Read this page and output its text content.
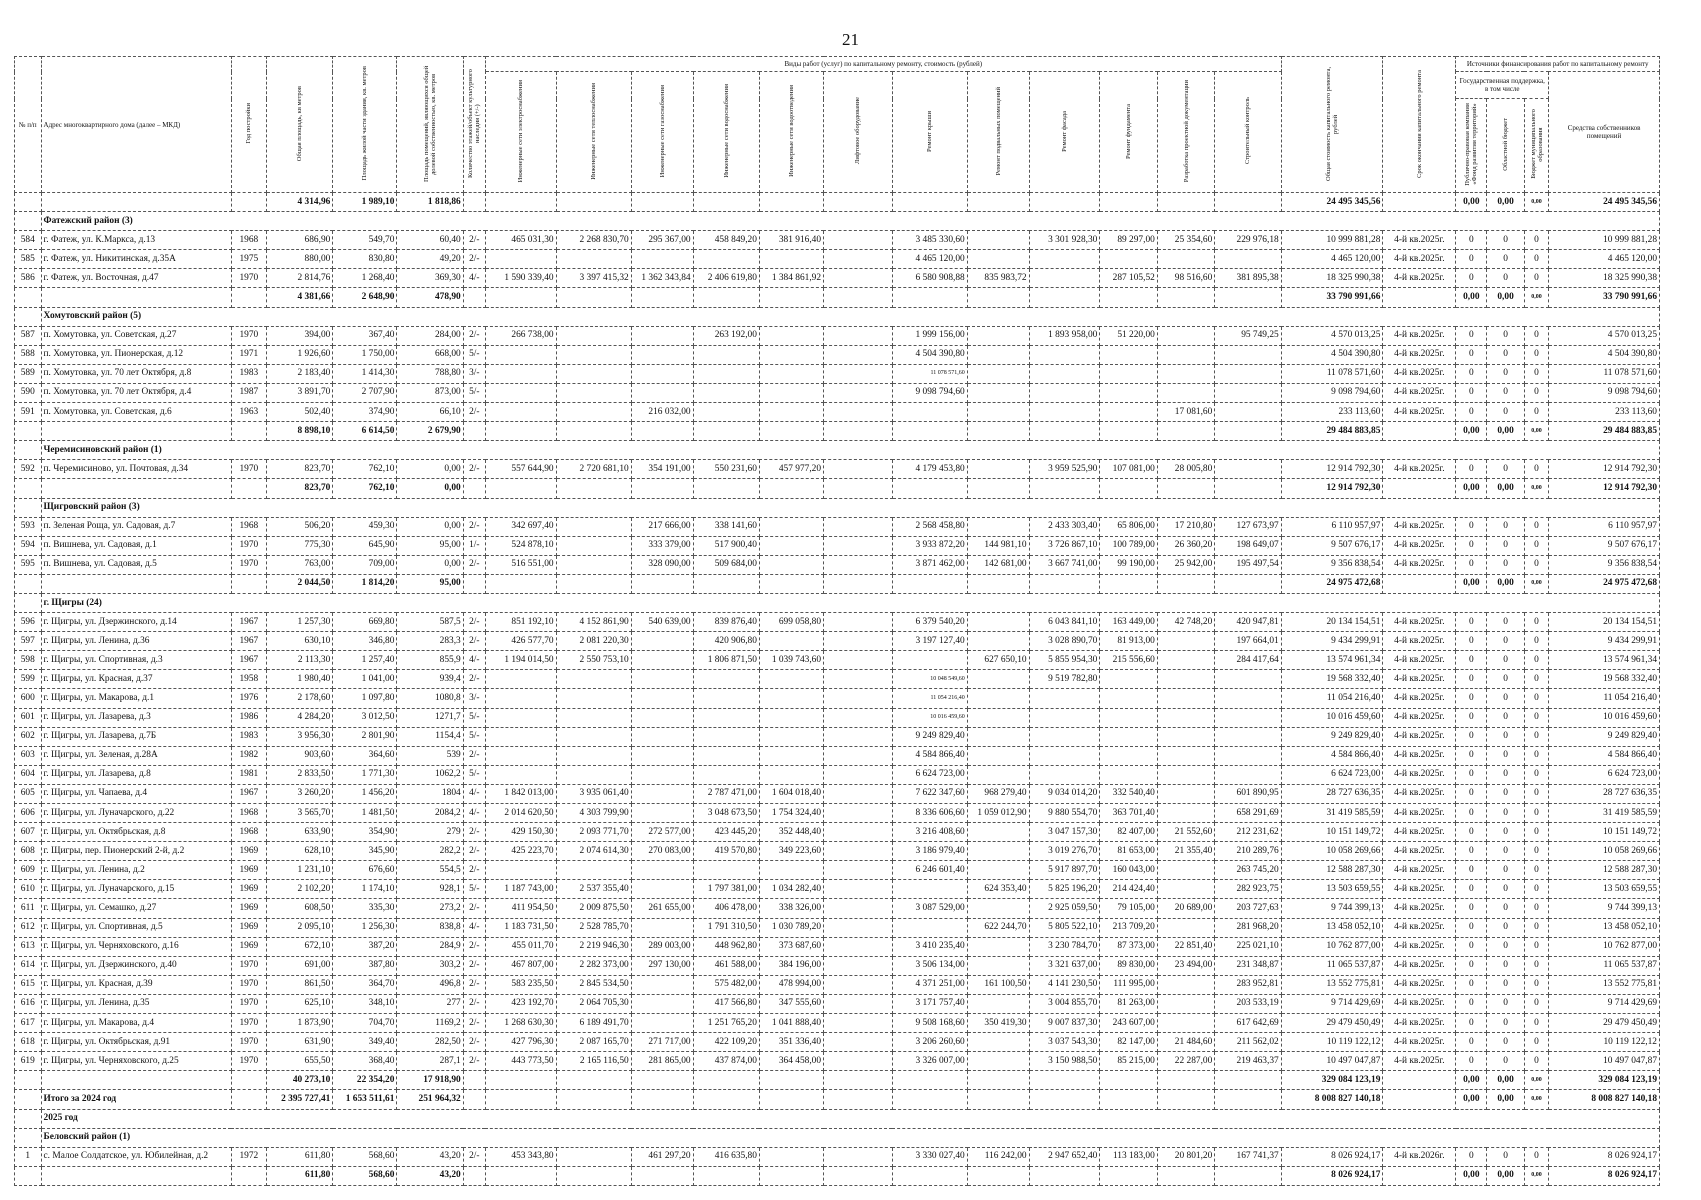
21
№ п/п	Адрес многоквартирного дома (далее – МКД)	Год постройки	Общая площадь, кв метров	Площадь жилой части здания, кв. метров	Площадь помещений, являющихся общей долевой собственностью, кв. метров	Количество этажей/объект культурного наследия (+/-)	Виды работ (услуг) по капитальному ремонту, стоимость (рублей)												Общая стоимость капитального ремонта, рублей	Срок окончания капитального ремонта	Источники финансирования работ по капитальному ремонту			
							Инженерные сети электроснабжения	Инженерные сети теплоснабжения	Инженерные сети газоснабжения	Инженерные сети водоснабжения	Инженерные сети водоотведения	Лифтовое оборудование	Ремонт крыши	Ремонт подвальных помещений	Ремонт фасада	Ремонт фундамента	Разработка проектной документации	Строительный контроль			Государственная поддержка, в том числе			Средства собственников помещений
																					Публично-правовая компания «Фонд развития территорий»	Областной бюджет	Бюджет муниципального образования	
			4 314,96	1 989,10	1 818,86														24 495 345,56		0,00	0,00	0,00	24 495 345,56
	Фатежский район (3)																							
584	г. Фатеж, ул. К.Маркса, д.13	1968	686,90	549,70	60,40	2/-	465 031,30	2 268 830,70	295 367,00	458 849,20	381 916,40		3 485 330,60		3 301 928,30	89 297,00	25 354,60	229 976,18	10 999 881,28	4-й кв.2025г.	0	0	0	10 999 881,28
585	г. Фатеж, ул. Никитинская, д.35А	1975	880,00	830,80	49,20	2/-							4 465 120,00						4 465 120,00	4-й кв.2025г.	0	0	0	4 465 120,00
586	г. Фатеж, ул. Восточная, д.47	1970	2 814,76	1 268,40	369,30	4/-	1 590 339,40	3 397 415,32	1 362 343,84	2 406 619,80	1 384 861,92		6 580 908,88	835 983,72		287 105,52	98 516,60	381 895,38	18 325 990,38	4-й кв.2025г.	0	0	0	18 325 990,38
			4 381,66	2 648,90	478,90														33 790 991,66		0,00	0,00	0,00	33 790 991,66
	Хомутовский район (5)																							
587	п. Хомутовка, ул. Советская, д.27	1970	394,00	367,40	284,00	2/-	266 738,00			263 192,00			1 999 156,00		1 893 958,00	51 220,00		95 749,25	4 570 013,25	4-й кв.2025г.	0	0	0	4 570 013,25
588	п. Хомутовка, ул. Пионерская, д.12	1971	1 926,60	1 750,00	668,00	5/-							4 504 390,80						4 504 390,80	4-й кв.2025г.	0	0	0	4 504 390,80
589	п. Хомутовка, ул. 70 лет Октября, д.8	1983	2 183,40	1 414,30	788,80	3/-							11 078 571,60						11 078 571,60	4-й кв.2025г.	0	0	0	11 078 571,60
590	п. Хомутовка, ул. 70 лет Октября, д.4	1987	3 891,70	2 707,90	873,00	5/-							9 098 794,60						9 098 794,60	4-й кв.2025г.	0	0	0	9 098 794,60
591	п. Хомутовка, ул. Советская, д.6	1963	502,40	374,90	66,10	2/-			216 032,00								17 081,60		233 113,60	4-й кв.2025г.	0	0	0	233 113,60
			8 898,10	6 614,50	2 679,90														29 484 883,85		0,00	0,00	0,00	29 484 883,85
	Черемисиновский район (1)																							
592	п. Черемисиново, ул. Почтовая, д.34	1970	823,70	762,10	0,00	2/-	557 644,90	2 720 681,10	354 191,00	550 231,60	457 977,20		4 179 453,80		3 959 525,90	107 081,00	28 005,80		12 914 792,30	4-й кв.2025г.	0	0	0	12 914 792,30
			823,70	762,10	0,00														12 914 792,30		0,00	0,00	0,00	12 914 792,30
	Щигровский район (3)																							
593	п. Зеленая Роща, ул. Садовая, д.7	1968	506,20	459,30	0,00	2/-	342 697,40		217 666,00	338 141,60			2 568 458,80		2 433 303,40	65 806,00	17 210,80	127 673,97	6 110 957,97	4-й кв.2025г.	0	0	0	6 110 957,97
594	п. Вишнева, ул. Садовая, д.1	1970	775,30	645,90	95,00	1/-	524 878,10		333 379,00	517 900,40			3 933 872,20	144 981,10	3 726 867,10	100 789,00	26 360,20	198 649,07	9 507 676,17	4-й кв.2025г.	0	0	0	9 507 676,17
595	п. Вишнева, ул. Садовая, д.5	1970	763,00	709,00	0,00	2/-	516 551,00		328 090,00	509 684,00			3 871 462,00	142 681,00	3 667 741,00	99 190,00	25 942,00	195 497,54	9 356 838,54	4-й кв.2025г.	0	0	0	9 356 838,54
			2 044,50	1 814,20	95,00														24 975 472,68		0,00	0,00	0,00	24 975 472,68
	г. Щигры (24)																							
596	г. Щигры, ул. Дзержинского, д.14	1967	1 257,30	669,80	587,5	2/-	851 192,10	4 152 861,90	540 639,00	839 876,40	699 058,80		6 379 540,20		6 043 841,10	163 449,00	42 748,20	420 947,81	20 134 154,51	4-й кв.2025г.	0	0	0	20 134 154,51
597	г. Щигры, ул. Ленина, д.36	1967	630,10	346,80	283,3	2/-	426 577,70	2 081 220,30		420 906,80			3 197 127,40		3 028 890,70	81 913,00		197 664,01	9 434 299,91	4-й кв.2025г.	0	0	0	9 434 299,91
598	г. Щигры, ул. Спортивная, д.3	1967	2 113,30	1 257,40	855,9	4/-	1 194 014,50	2 550 753,10		1 806 871,50	1 039 743,60			627 650,10	5 855 954,30	215 556,60		284 417,64	13 574 961,34	4-й кв.2025г.	0	0	0	13 574 961,34
599	г. Щигры, ул. Красная, д.37	1958	1 980,40	1 041,00	939,4	2/-							10 048 549,60		9 519 782,80				19 568 332,40	4-й кв.2025г.	0	0	0	19 568 332,40
600	г. Щигры, ул. Макарова, д.1	1976	2 178,60	1 097,80	1080,8	3/-							11 054 216,40						11 054 216,40	4-й кв.2025г.	0	0	0	11 054 216,40
601	г. Щигры, ул. Лазарева, д.3	1986	4 284,20	3 012,50	1271,7	5/-							10 016 459,60						10 016 459,60	4-й кв.2025г.	0	0	0	10 016 459,60
602	г. Щигры, ул. Лазарева, д.7Б	1983	3 956,30	2 801,90	1154,4	5/-							9 249 829,40						9 249 829,40	4-й кв.2025г.	0	0	0	9 249 829,40
603	г. Щигры, ул. Зеленая, д.28А	1982	903,60	364,60	539	2/-							4 584 866,40						4 584 866,40	4-й кв.2025г.	0	0	0	4 584 866,40
604	г. Щигры, ул. Лазарева, д.8	1981	2 833,50	1 771,30	1062,2	5/-							6 624 723,00						6 624 723,00	4-й кв.2025г.	0	0	0	6 624 723,00
605	г. Щигры, ул. Чапаева, д.4	1967	3 260,20	1 456,20	1804	4/-	1 842 013,00	3 935 061,40		2 787 471,00	1 604 018,40		7 622 347,60	968 279,40	9 034 014,20	332 540,40		601 890,95	28 727 636,35	4-й кв.2025г.	0	0	0	28 727 636,35
606	г. Щигры, ул. Луначарского, д.22	1968	3 565,70	1 481,50	2084,2	4/-	2 014 620,50	4 303 799,90		3 048 673,50	1 754 324,40		8 336 606,60	1 059 012,90	9 880 554,70	363 701,40		658 291,69	31 419 585,59	4-й кв.2025г.	0	0	0	31 419 585,59
607	г. Щигры, ул. Октябрьская, д.8	1968	633,90	354,90	279	2/-	429 150,30	2 093 771,70	272 577,00	423 445,20	352 448,40		3 216 408,60		3 047 157,30	82 407,00	21 552,60	212 231,62	10 151 149,72	4-й кв.2025г.	0	0	0	10 151 149,72
608	г. Щигры, пер. Пионерский 2-й, д.2	1969	628,10	345,90	282,2	2/-	425 223,70	2 074 614,30	270 083,00	419 570,80	349 223,60		3 186 979,40		3 019 276,70	81 653,00	21 355,40	210 289,76	10 058 269,66	4-й кв.2025г.	0	0	0	10 058 269,66
609	г. Щигры, ул. Ленина, д.2	1969	1 231,10	676,60	554,5	2/-							6 246 601,40		5 917 897,70	160 043,00		263 745,20	12 588 287,30	4-й кв.2025г.	0	0	0	12 588 287,30
610	г. Щигры, ул. Луначарского, д.15	1969	2 102,20	1 174,10	928,1	5/-	1 187 743,00	2 537 355,40		1 797 381,00	1 034 282,40			624 353,40	5 825 196,20	214 424,40		282 923,75	13 503 659,55	4-й кв.2025г.	0	0	0	13 503 659,55
611	г. Щигры, ул. Семашко, д.27	1969	608,50	335,30	273,2	2/-	411 954,50	2 009 875,50	261 655,00	406 478,00	338 326,00		3 087 529,00		2 925 059,50	79 105,00	20 689,00	203 727,63	9 744 399,13	4-й кв.2025г.	0	0	0	9 744 399,13
612	г. Щигры, ул. Спортивная, д.5	1969	2 095,10	1 256,30	838,8	4/-	1 183 731,50	2 528 785,70		1 791 310,50	1 030 789,20			622 244,70	5 805 522,10	213 709,20		281 968,20	13 458 052,10	4-й кв.2025г.	0	0	0	13 458 052,10
613	г. Щигры, ул. Черняховского, д.16	1969	672,10	387,20	284,9	2/-	455 011,70	2 219 946,30	289 003,00	448 962,80	373 687,60		3 410 235,40		3 230 784,70	87 373,00	22 851,40	225 021,10	10 762 877,00	4-й кв.2025г.	0	0	0	10 762 877,00
614	г. Щигры, ул. Дзержинского, д.40	1970	691,00	387,80	303,2	2/-	467 807,00	2 282 373,00	297 130,00	461 588,00	384 196,00		3 506 134,00		3 321 637,00	89 830,00	23 494,00	231 348,87	11 065 537,87	4-й кв.2025г.	0	0	0	11 065 537,87
615	г. Щигры, ул. Красная, д.39	1970	861,50	364,70	496,8	2/-	583 235,50	2 845 534,50		575 482,00	478 994,00		4 371 251,00	161 100,50	4 141 230,50	111 995,00		283 952,81	13 552 775,81	4-й кв.2025г.	0	0	0	13 552 775,81
616	г. Щигры, ул. Ленина, д.35	1970	625,10	348,10	277	2/-	423 192,70	2 064 705,30		417 566,80	347 555,60		3 171 757,40		3 004 855,70	81 263,00		203 533,19	9 714 429,69	4-й кв.2025г.	0	0	0	9 714 429,69
617	г. Щигры, ул. Макарова, д.4	1970	1 873,90	704,70	1169,2	2/-	1 268 630,30	6 189 491,70		1 251 765,20	1 041 888,40		9 508 168,60	350 419,30	9 007 837,30	243 607,00		617 642,69	29 479 450,49	4-й кв.2025г.	0	0	0	29 479 450,49
618	г. Щигры, ул. Октябрьская, д.91	1970	631,90	349,40	282,50	2/-	427 796,30	2 087 165,70	271 717,00	422 109,20	351 336,40		3 206 260,60		3 037 543,30	82 147,00	21 484,60	211 562,02	10 119 122,12	4-й кв.2025г.	0	0	0	10 119 122,12
619	г. Щигры, ул. Черняховского, д.25	1970	655,50	368,40	287,1	2/-	443 773,50	2 165 116,50	281 865,00	437 874,00	364 458,00		3 326 007,00		3 150 988,50	85 215,00	22 287,00	219 463,37	10 497 047,87	4-й кв.2025г.	0	0	0	10 497 047,87
			40 273,10	22 354,20	17 918,90														329 084 123,19		0,00	0,00	0,00	329 084 123,19
	Итого за 2024 год		2 395 727,41	1 653 511,61	251 964,32														8 008 827 140,18		0,00	0,00	0,00	8 008 827 140,18
	2025 год																							
	Беловский район (1)																							
1	с. Малое Солдатское, ул. Юбилейная, д.2	1972	611,80	568,60	43,20	2/-	453 343,80		461 297,20	416 635,80			3 330 027,40	116 242,00	2 947 652,40	113 183,00	20 801,20	167 741,37	8 026 924,17	4-й кв.2026г.	0	0	0	8 026 924,17
			611,80	568,60	43,20														8 026 924,17		0,00	0,00	0,00	8 026 924,17
